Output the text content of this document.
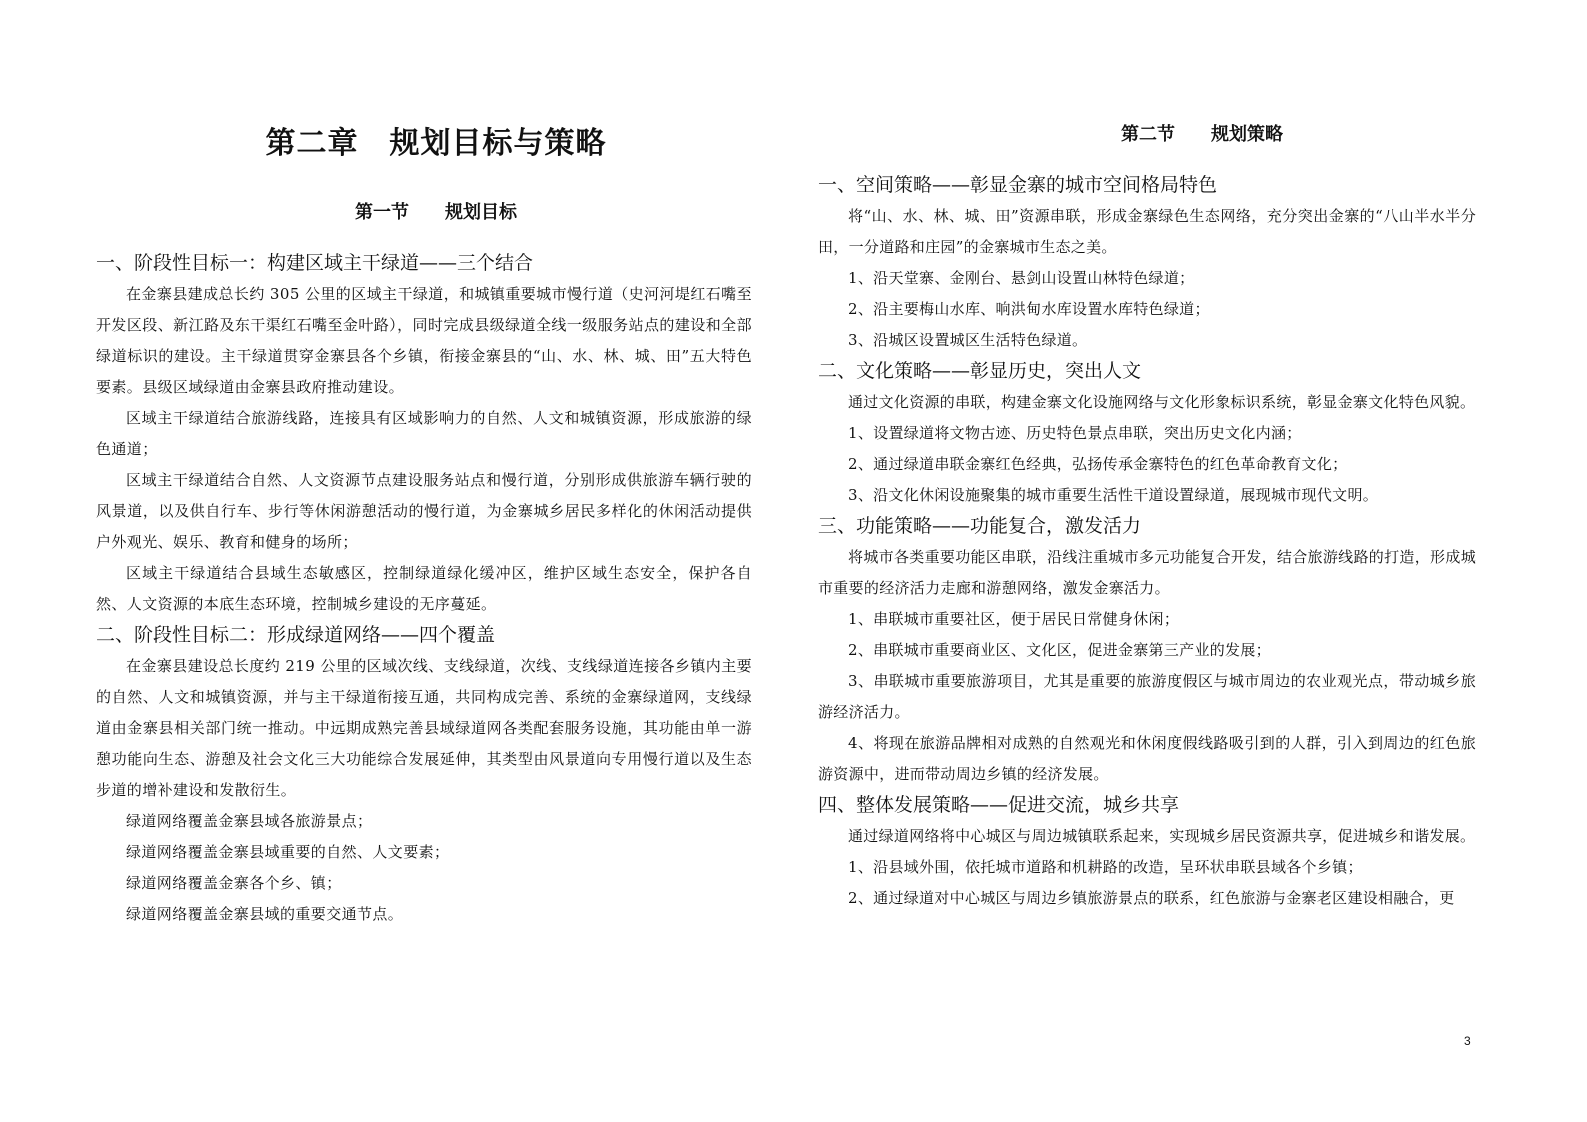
第二章　规划目标与策略
第一节　　规划目标
第二节　　规划策略
一、阶段性目标一：构建区域主干绿道——三个结合

在金寨县建成总长约 305 公里的区域主干绿道，和城镇重要城市慢行道（史河河堤红石嘴至开发区段、新江路及东干渠红石嘴至金叶路），同时完成县级绿道全线一级服务站点的建设和全部绿道标识的建设。主干绿道贯穿金寨县各个乡镇，衔接金寨县的“山、水、林、城、田”五大特色要素。县级区域绿道由金寨县政府推动建设。

区域主干绿道结合旅游线路，连接具有区域影响力的自然、人文和城镇资源，形成旅游的绿色通道；

区域主干绿道结合自然、人文资源节点建设服务站点和慢行道，分别形成供旅游车辆行驶的风景道，以及供自行车、步行等休闲游憩活动的慢行道，为金寨城乡居民多样化的休闲活动提供户外观光、娱乐、教育和健身的场所；

区域主干绿道结合县域生态敏感区，控制绿道绿化缓冲区，维护区域生态安全，保护各自然、人文资源的本底生态环境，控制城乡建设的无序蔓延。

二、阶段性目标二：形成绿道网络——四个覆盖

在金寨县建设总长度约 219 公里的区域次线、支线绿道，次线、支线绿道连接各乡镇内主要的自然、人文和城镇资源，并与主干绿道衔接互通，共同构成完善、系统的金寨绿道网，支线绿道由金寨县相关部门统一推动。中远期成熟完善县域绿道网各类配套服务设施，其功能由单一游憩功能向生态、游憩及社会文化三大功能综合发展延伸，其类型由风景道向专用慢行道以及生态步道的增补建设和发散衍生。

绿道网络覆盖金寨县域各旅游景点；

绿道网络覆盖金寨县域重要的自然、人文要素；

绿道网络覆盖金寨各个乡、镇；

绿道网络覆盖金寨县域的重要交通节点。

一、空间策略——彰显金寨的城市空间格局特色

将“山、水、林、城、田”资源串联，形成金寨绿色生态网络，充分突出金寨的“八山半水半分田，一分道路和庄园”的金寨城市生态之美。

1、沿天堂寨、金刚台、悬剑山设置山林特色绿道；

2、沿主要梅山水库、响洪甸水库设置水库特色绿道；

3、沿城区设置城区生活特色绿道。

二、文化策略——彰显历史，突出人文

通过文化资源的串联，构建金寨文化设施网络与文化形象标识系统，彰显金寨文化特色风貌。

1、设置绿道将文物古迹、历史特色景点串联，突出历史文化内涵；

2、通过绿道串联金寨红色经典，弘扬传承金寨特色的红色革命教育文化；

3、沿文化休闲设施聚集的城市重要生活性干道设置绿道，展现城市现代文明。

三、功能策略——功能复合，激发活力

将城市各类重要功能区串联，沿线注重城市多元功能复合开发，结合旅游线路的打造，形成城市重要的经济活力走廊和游憩网络，激发金寨活力。

1、串联城市重要社区，便于居民日常健身休闲；

2、串联城市重要商业区、文化区，促进金寨第三产业的发展；

3、串联城市重要旅游项目，尤其是重要的旅游度假区与城市周边的农业观光点，带动城乡旅游经济活力。

4、将现在旅游品牌相对成熟的自然观光和休闲度假线路吸引到的人群，引入到周边的红色旅游资源中，进而带动周边乡镇的经济发展。

四、整体发展策略——促进交流，城乡共享

通过绿道网络将中心城区与周边城镇联系起来，实现城乡居民资源共享，促进城乡和谐发展。

1、沿县域外围，依托城市道路和机耕路的改造，呈环状串联县域各个乡镇；

2、通过绿道对中心城区与周边乡镇旅游景点的联系，红色旅游与金寨老区建设相融合，更

3
